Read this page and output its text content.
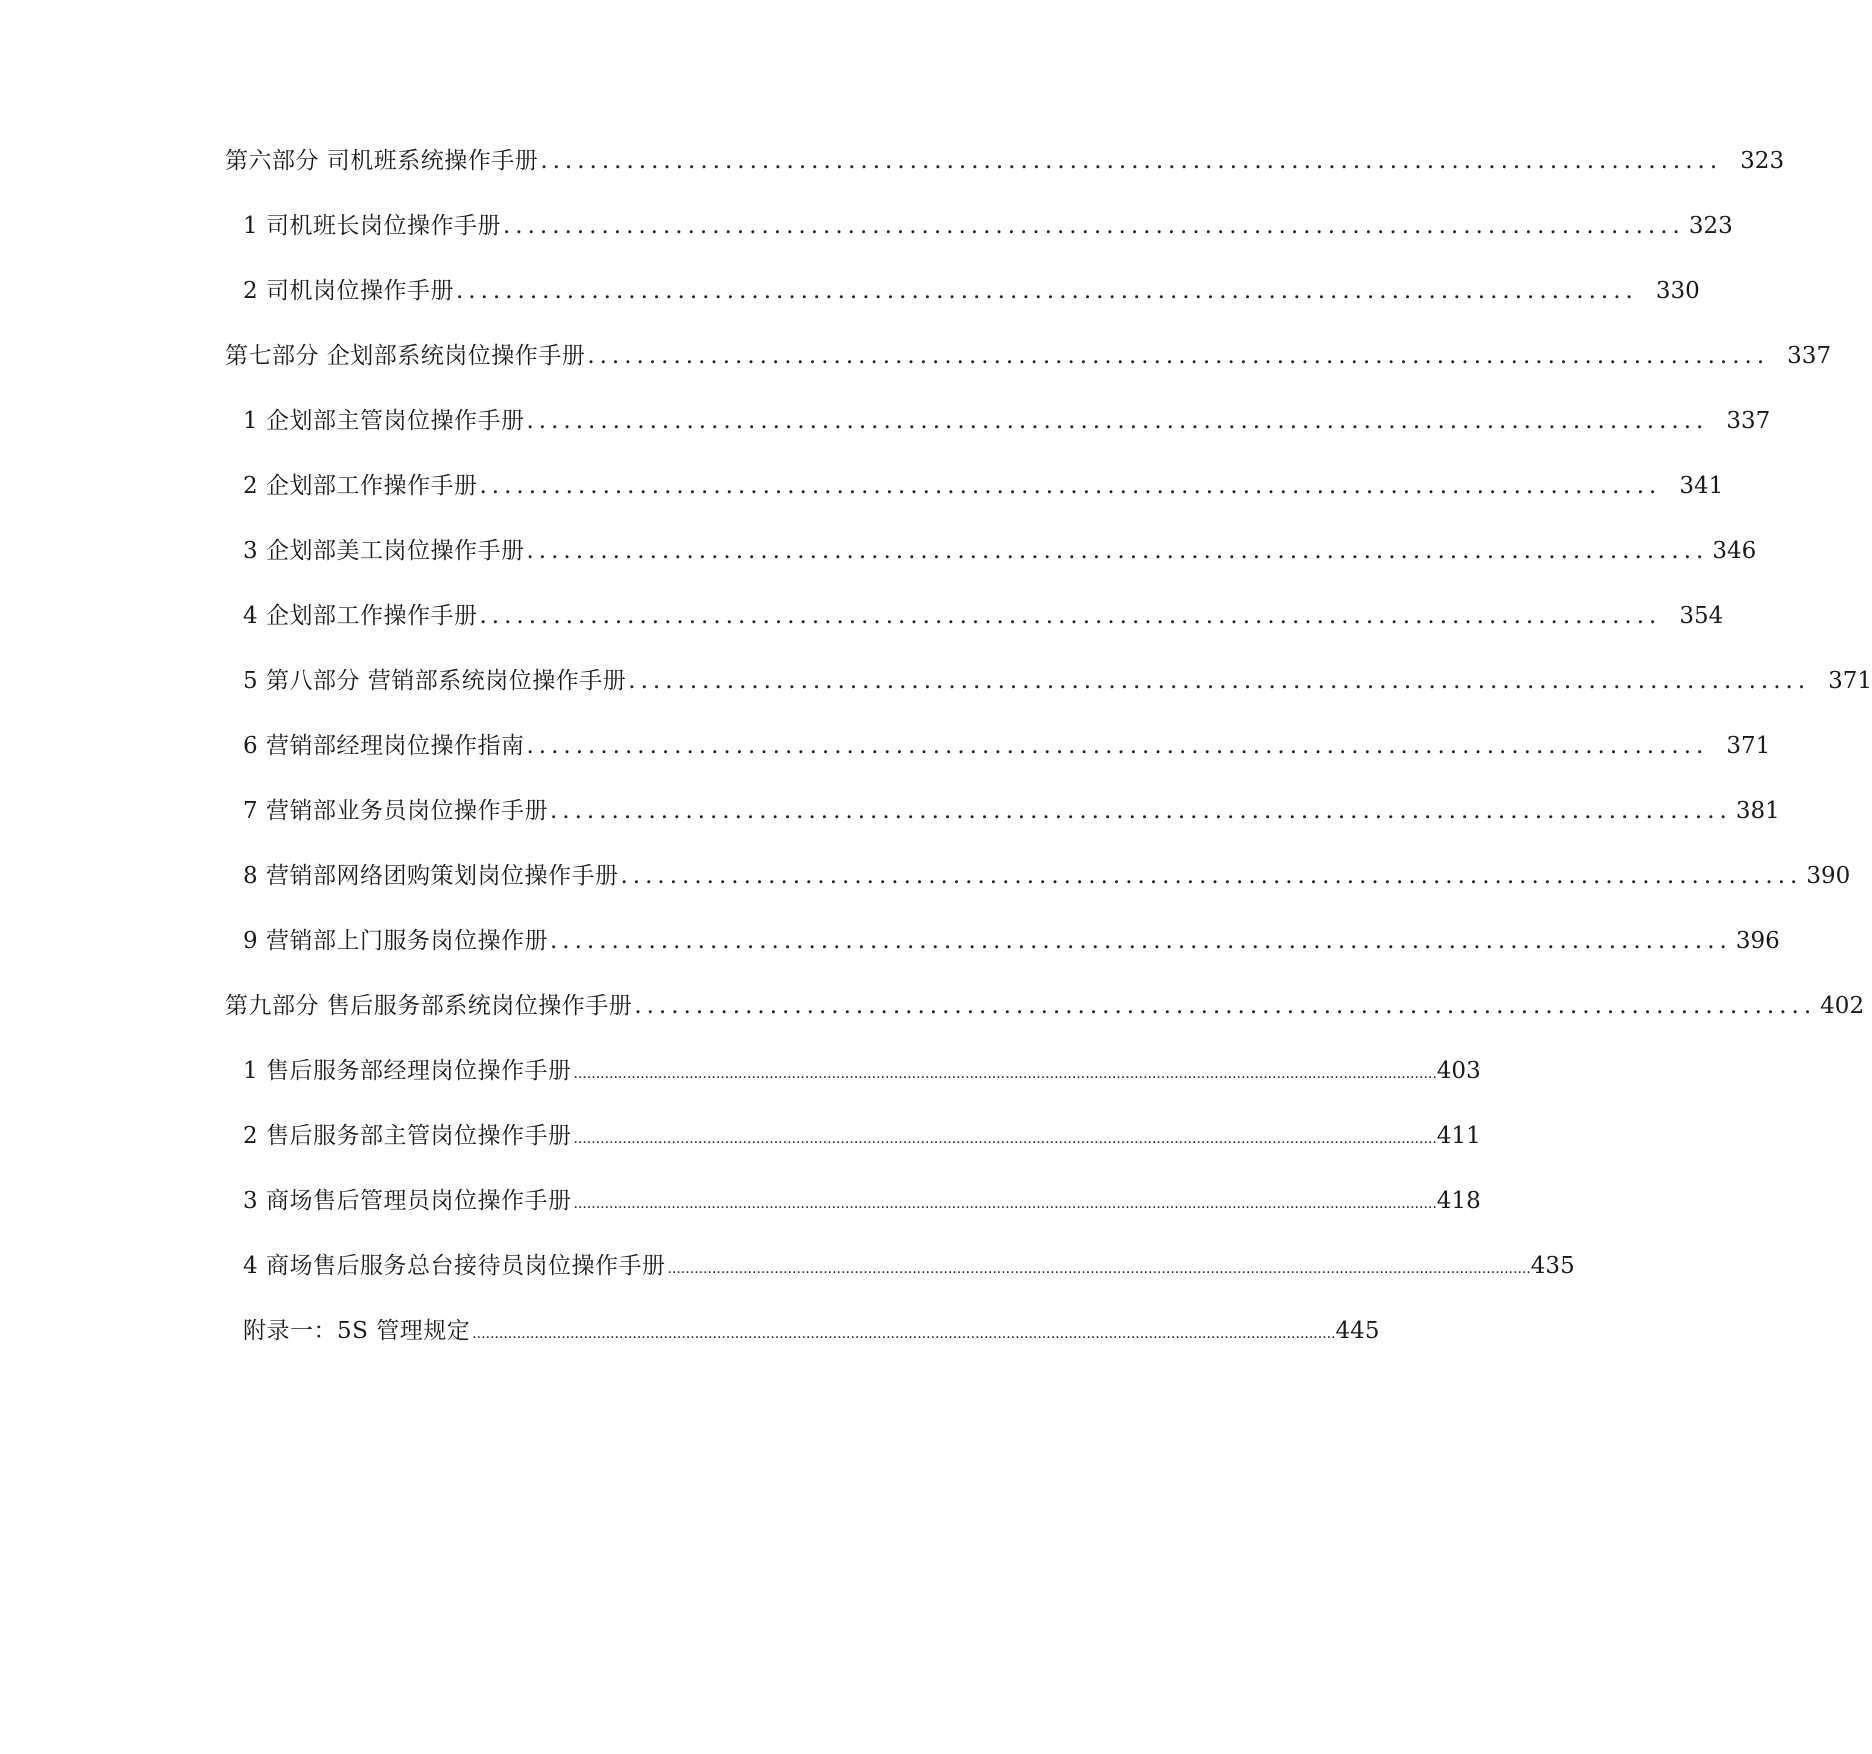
第六部分 司机班系统操作手册 ................................................................................................ 323
1 司机班长岗位操作手册 ................................................................................................ 323
2 司机岗位操作手册 ................................................................................................ 330
第七部分 企划部系统岗位操作手册 ................................................................................................ 337
1 企划部主管岗位操作手册 ................................................................................................ 337
2 企划部工作操作手册 ................................................................................................ 341
3 企划部美工岗位操作手册 ................................................................................................ 346
4 企划部工作操作手册 ................................................................................................ 354
5 第八部分 营销部系统岗位操作手册 ................................................................................................ 371
6 营销部经理岗位操作指南 ................................................................................................ 371
7 营销部业务员岗位操作手册 ................................................................................................ 381
8 营销部网络团购策划岗位操作手册 ................................................................................................ 390
9 营销部上门服务岗位操作册 ................................................................................................ 396
第九部分 售后服务部系统岗位操作手册 ................................................................................................ 402
1 售后服务部经理岗位操作手册 .................................................................................................................................................................................................. 403
2 售后服务部主管岗位操作手册 .................................................................................................................................................................................................. 411
3 商场售后管理员岗位操作手册 .................................................................................................................................................................................................. 418
4 商场售后服务总台接待员岗位操作手册 .................................................................................................................................................................................................. 435
附录一：5S 管理规定 .................................................................................................................................................................................................. 445
